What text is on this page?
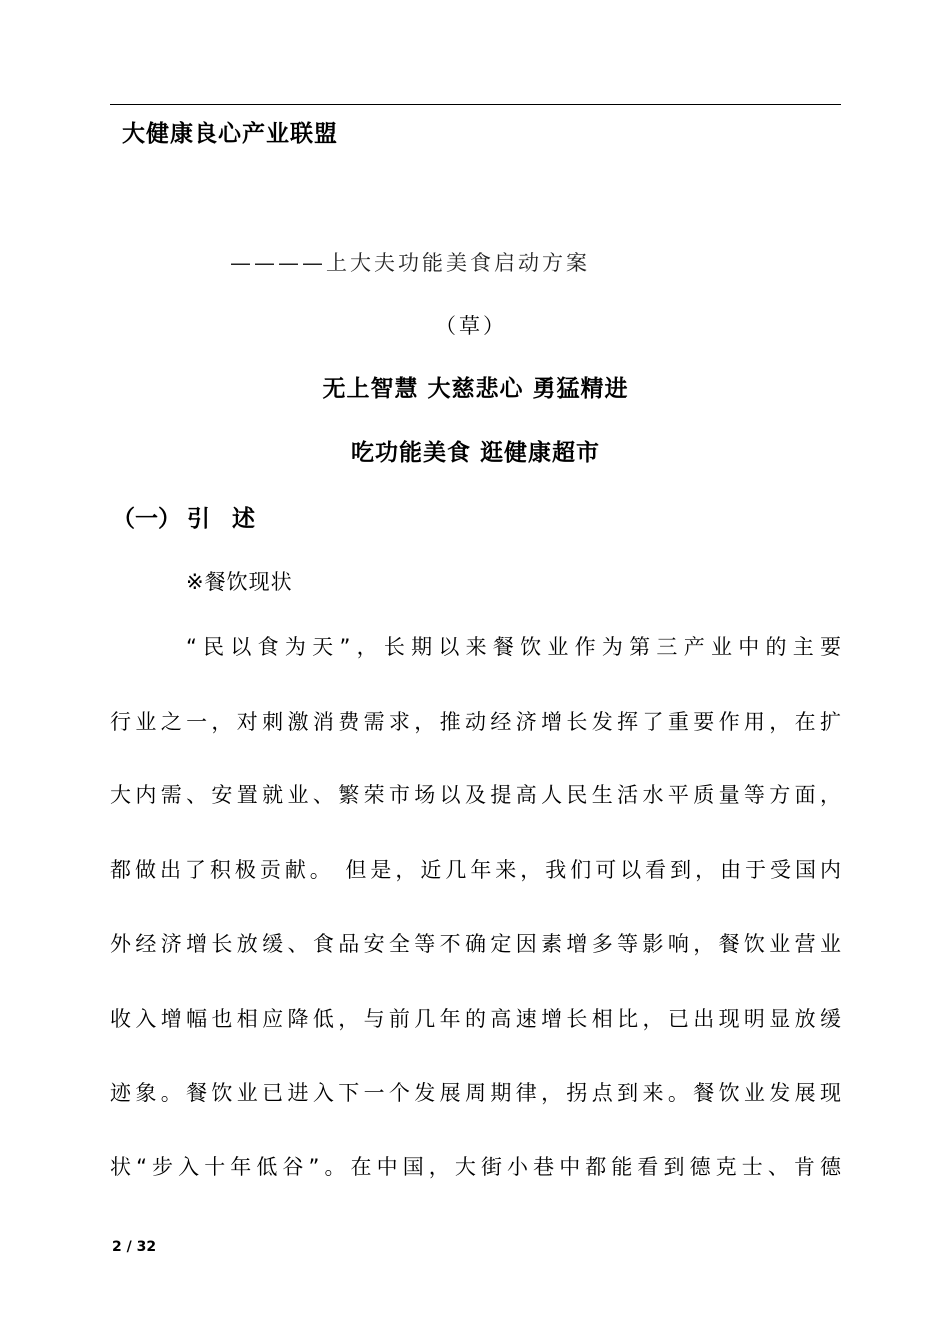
大健康良心产业联盟
————上大夫功能美食启动方案
（草）
无上智慧 大慈悲心 勇猛精进
吃功能美食 逛健康超市
（一） 引述
※餐饮现状
“民以食为天”，长期以来餐饮业作为第三产业中的主要
行业之一，对刺激消费需求，推动经济增长发挥了重要作用，在扩
大内需、安置就业、繁荣市场以及提高人民生活水平质量等方面，
都做出了积极贡献。 但是，近几年来，我们可以看到，由于受国内
外经济增长放缓、食品安全等不确定因素增多等影响，餐饮业营业
收入增幅也相应降低，与前几年的高速增长相比，已出现明显放缓
迹象。餐饮业已进入下一个发展周期律，拐点到来。餐饮业发展现
状“步入十年低谷”。在中国，大街小巷中都能看到德克士、肯德
2 / 32
